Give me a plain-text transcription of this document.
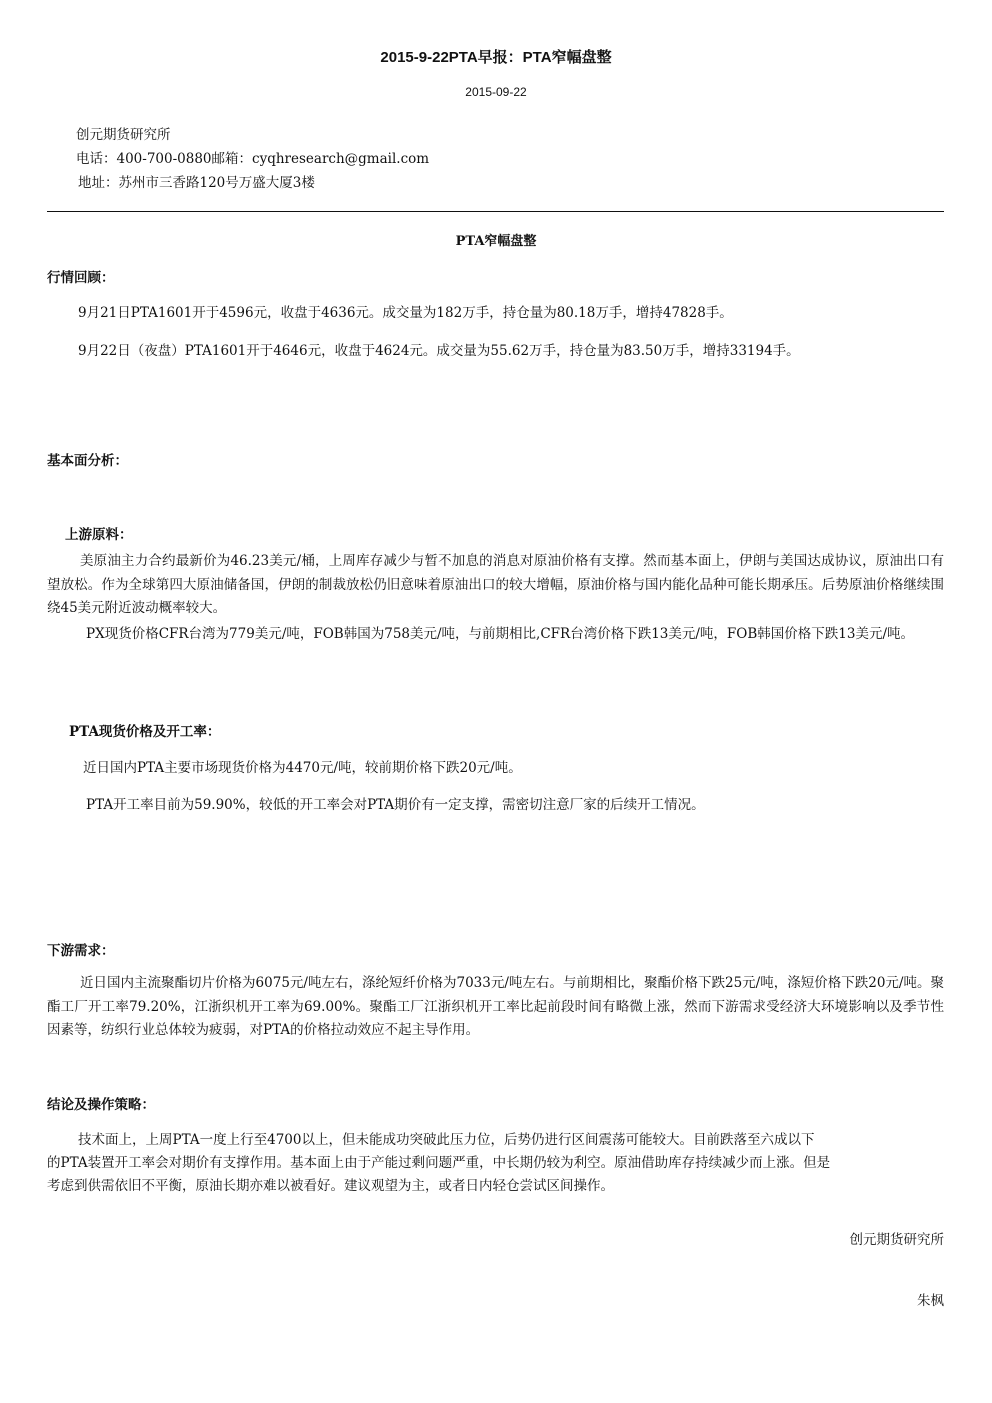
2015-9-22PTA早报：PTA窄幅盘整
2015-09-22
创元期货研究所
电话：400-700-0880邮箱：cyqhresearch@gmail.com
地址：苏州市三香路120号万盛大厦3楼
PTA窄幅盘整
行情回顾：
9月21日PTA1601开于4596元，收盘于4636元。成交量为182万手，持仓量为80.18万手，增持47828手。
9月22日（夜盘）PTA1601开于4646元，收盘于4624元。成交量为55.62万手，持仓量为83.50万手，增持33194手。
基本面分析：
上游原料：
美原油主力合约最新价为46.23美元/桶，上周库存减少与暂不加息的消息对原油价格有支撑。然而基本面上，伊朗与美国达成协议，原油出口有望放松。作为全球第四大原油储备国，伊朗的制裁放松仍旧意味着原油出口的较大增幅，原油价格与国内能化品种可能长期承压。后势原油价格继续围绕45美元附近波动概率较大。
PX现货价格CFR台湾为779美元/吨，FOB韩国为758美元/吨，与前期相比,CFR台湾价格下跌13美元/吨，FOB韩国价格下跌13美元/吨。
PTA现货价格及开工率：
近日国内PTA主要市场现货价格为4470元/吨，较前期价格下跌20元/吨。
PTA开工率目前为59.90%，较低的开工率会对PTA期价有一定支撑，需密切注意厂家的后续开工情况。
下游需求：
近日国内主流聚酯切片价格为6075元/吨左右，涤纶短纤价格为7033元/吨左右。与前期相比，聚酯价格下跌25元/吨，涤短价格下跌20元/吨。聚酯工厂开工率79.20%，江浙织机开工率为69.00%。聚酯工厂江浙织机开工率比起前段时间有略微上涨，然而下游需求受经济大环境影响以及季节性因素等，纺织行业总体较为疲弱，对PTA的价格拉动效应不起主导作用。
结论及操作策略：
技术面上，上周PTA一度上行至4700以上，但未能成功突破此压力位，后势仍进行区间震荡可能较大。目前跌落至六成以下
的PTA装置开工率会对期价有支撑作用。基本面上由于产能过剩问题严重，中长期仍较为利空。原油借助库存持续减少而上涨。但是
考虑到供需依旧不平衡，原油长期亦难以被看好。建议观望为主，或者日内轻仓尝试区间操作。
创元期货研究所
朱枫
